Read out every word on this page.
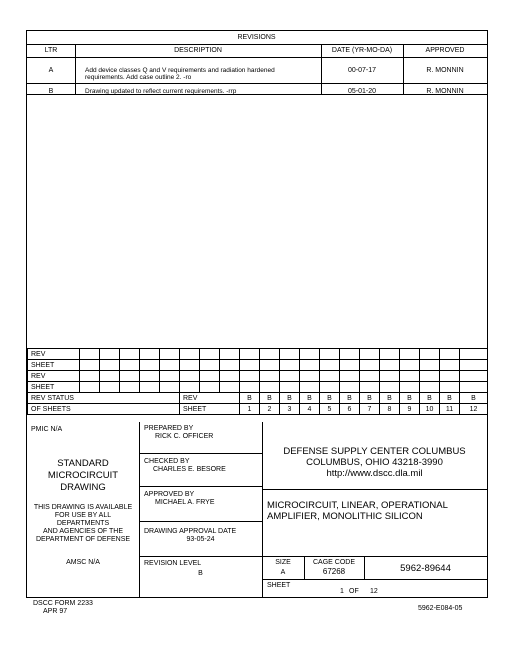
REVISIONS
LTR	DESCRIPTION	DATE (YR-MO-DA)	APPROVED
A	Add device classes Q and V requirements and radiation hardened
requirements. Add case outline 2. -ro
00-07-17	R. MONNIN
B	Drawing updated to reflect current requirements. -rrp	05-01-20	R. MONNIN
REV																				
SHEET																				
REV																				
SHEET																				
REV STATUS						REV			B	B	B	B	B	B	B	B	B	B	B	B
OF SHEETS						SHEET			1	2	3	4	5	6	7	8	9	10	11	12
PMIC N/A
STANDARD
MICROCIRCUIT
DRAWING
THIS DRAWING IS AVAILABLE
FOR USE BY ALL
DEPARTMENTS
AND AGENCIES OF THE
DEPARTMENT OF DEFENSE
AMSC N/A
PREPARED BY
RICK C. OFFICER
CHECKED BY
CHARLES E. BESORE
APPROVED BY
MICHAEL A. FRYE
DRAWING APPROVAL DATE
93-05-24
REVISION LEVEL
B
DEFENSE SUPPLY CENTER COLUMBUS
COLUMBUS, OHIO 43218-3990
http://www.dscc.dla.mil
MICROCIRCUIT, LINEAR, OPERATIONAL
AMPLIFIER, MONOLITHIC SILICON
SIZE
A
CAGE CODE
67268	5962-89644
SHEET
1 OF 12
DSCC FORM 2233
APR 97	5962-E084-05
